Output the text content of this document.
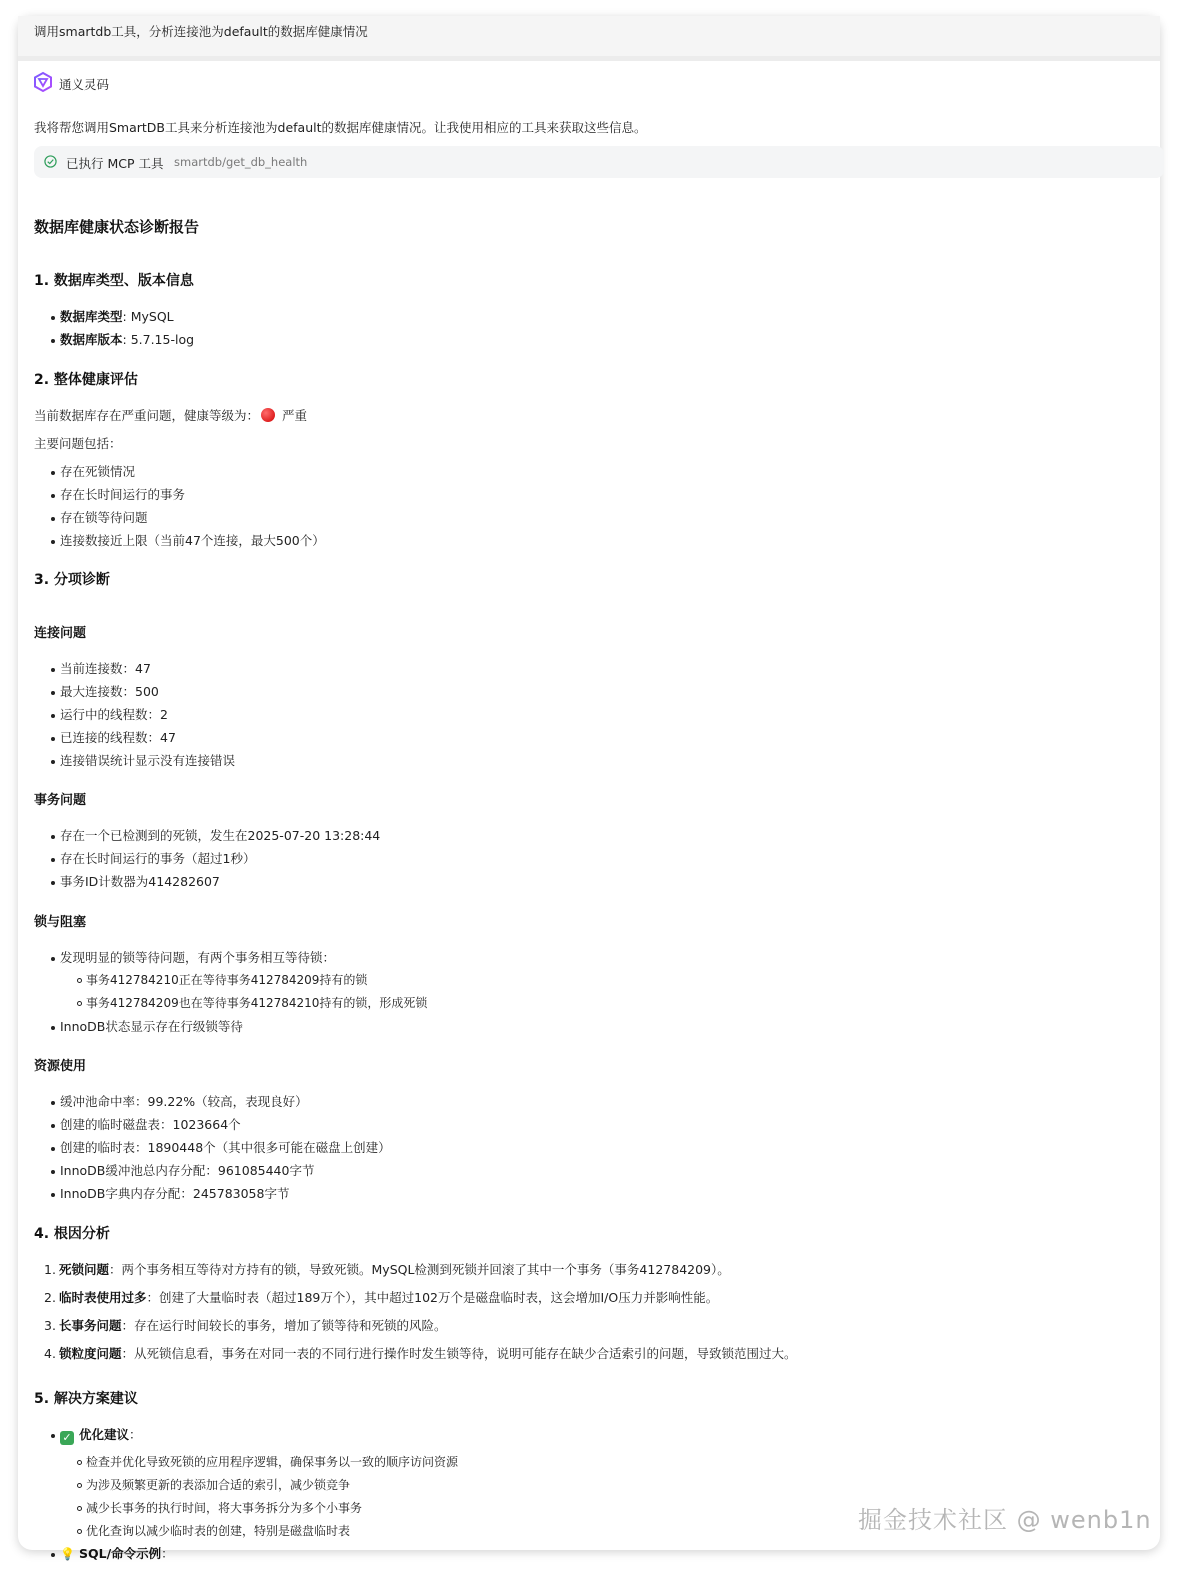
调用smartdb工具，分析连接池为default的数据库健康情况
通义灵码
我将帮您调用SmartDB工具来分析连接池为default的数据库健康情况。让我使用相应的工具来获取这些信息。
已执行 MCP 工具 smartdb/get_db_health
数据库健康状态诊断报告
1. 数据库类型、版本信息
数据库类型: MySQL
数据库版本: 5.7.15-log
2. 整体健康评估
当前数据库存在严重问题，健康等级为： 严重
主要问题包括：
存在死锁情况
存在长时间运行的事务
存在锁等待问题
连接数接近上限（当前47个连接，最大500个）
3. 分项诊断
连接问题
当前连接数：47
最大连接数：500
运行中的线程数：2
已连接的线程数：47
连接错误统计显示没有连接错误
事务问题
存在一个已检测到的死锁，发生在2025-07-20 13:28:44
存在长时间运行的事务（超过1秒）
事务ID计数器为414282607
锁与阻塞
发现明显的锁等待问题，有两个事务相互等待锁：
事务412784210正在等待事务412784209持有的锁
事务412784209也在等待事务412784210持有的锁，形成死锁
InnoDB状态显示存在行级锁等待
资源使用
缓冲池命中率：99.22%（较高，表现良好）
创建的临时磁盘表：1023664个
创建的临时表：1890448个（其中很多可能在磁盘上创建）
InnoDB缓冲池总内存分配：961085440字节
InnoDB字典内存分配：245783058字节
4. 根因分析
1. 死锁问题：两个事务相互等待对方持有的锁，导致死锁。MySQL检测到死锁并回滚了其中一个事务（事务412784209）。
2. 临时表使用过多：创建了大量临时表（超过189万个），其中超过102万个是磁盘临时表，这会增加I/O压力并影响性能。
3. 长事务问题：存在运行时间较长的事务，增加了锁等待和死锁的风险。
4. 锁粒度问题：从死锁信息看，事务在对同一表的不同行进行操作时发生锁等待，说明可能存在缺少合适索引的问题，导致锁范围过大。
5. 解决方案建议
✓ 优化建议：
检查并优化导致死锁的应用程序逻辑，确保事务以一致的顺序访问资源
为涉及频繁更新的表添加合适的索引，减少锁竞争
减少长事务的执行时间，将大事务拆分为多个小事务
优化查询以减少临时表的创建，特别是磁盘临时表
💡 SQL/命令示例：
掘金技术社区 @ wenb1n
